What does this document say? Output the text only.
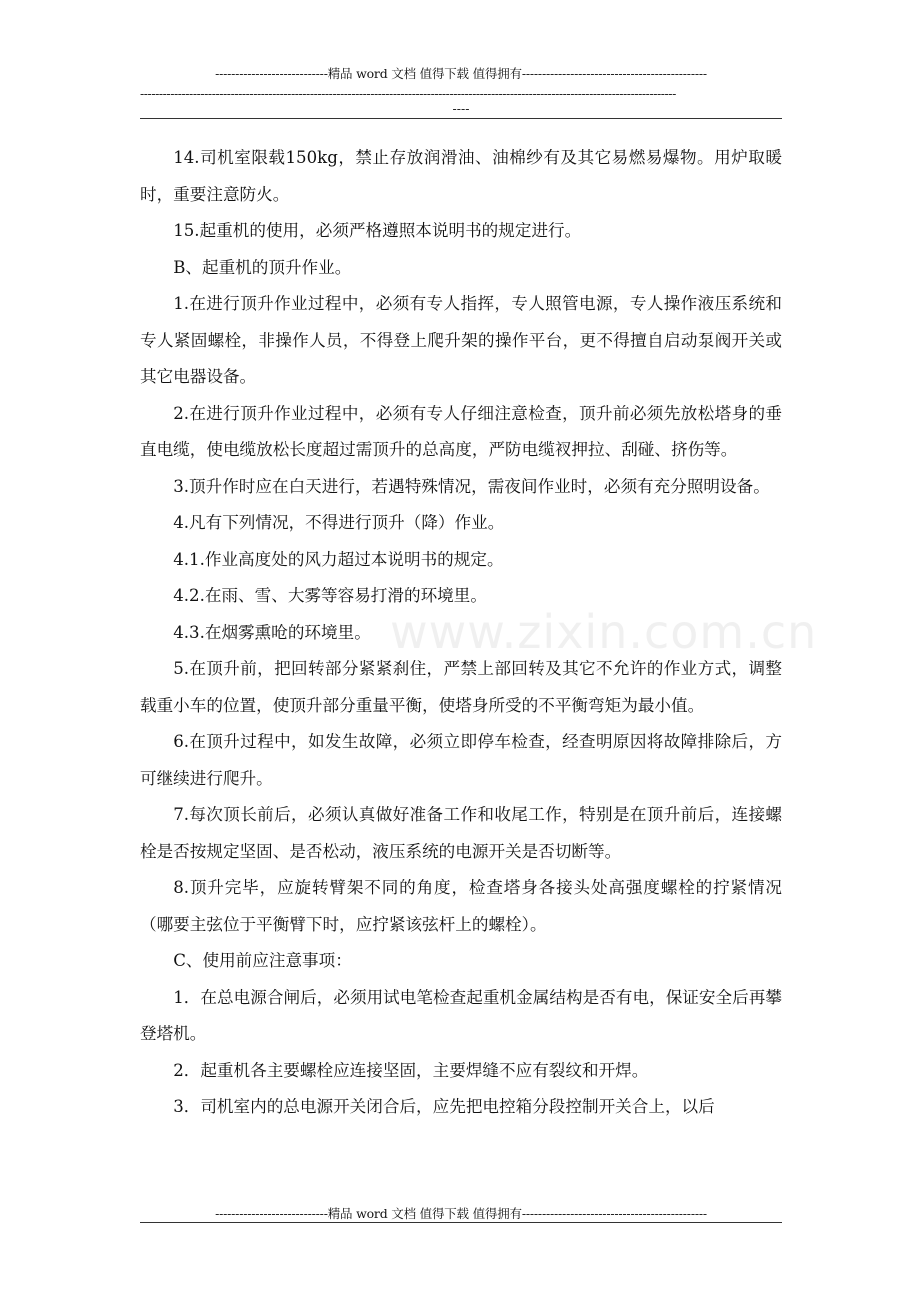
----------------------------精品 word 文档 值得下载 值得拥有----------------------------------------------
----------------------------------------------------------------------------------------------------------------------------------------------
----
www.zixin.com.cn

14.司机室限载150kg，禁止存放润滑油、油棉纱有及其它易燃易爆物。用炉取暖时，重要注意防火。

15.起重机的使用，必须严格遵照本说明书的规定进行。

B、起重机的顶升作业。

1.在进行顶升作业过程中，必须有专人指挥，专人照管电源，专人操作液压系统和专人紧固螺栓，非操作人员，不得登上爬升架的操作平台，更不得擅自启动泵阀开关或其它电器设备。

2.在进行顶升作业过程中，必须有专人仔细注意检查，顶升前必须先放松塔身的垂直电缆，使电缆放松长度超过需顶升的总高度，严防电缆衩押拉、刮碰、挤伤等。

3.顶升作时应在白天进行，若遇特殊情况，需夜间作业时，必须有充分照明设备。

4.凡有下列情况，不得进行顶升（降）作业。

4.1.作业高度处的风力超过本说明书的规定。

4.2.在雨、雪、大雾等容易打滑的环境里。

4.3.在烟雾熏呛的环境里。

5.在顶升前，把回转部分紧紧刹住，严禁上部回转及其它不允许的作业方式，调整载重小车的位置，使顶升部分重量平衡，使塔身所受的不平衡弯矩为最小值。

6.在顶升过程中，如发生故障，必须立即停车检查，经查明原因将故障排除后，方可继续进行爬升。

7.每次顶长前后，必须认真做好准备工作和收尾工作，特别是在顶升前后，连接螺栓是否按规定坚固、是否松动，液压系统的电源开关是否切断等。

8.顶升完毕，应旋转臂架不同的角度，检查塔身各接头处高强度螺栓的拧紧情况（哪要主弦位于平衡臂下时，应拧紧该弦杆上的螺栓）。

C、使用前应注意事项：

1．在总电源合闸后，必须用试电笔检查起重机金属结构是否有电，保证安全后再攀登塔机。

2．起重机各主要螺栓应连接坚固，主要焊缝不应有裂纹和开焊。

3．司机室内的总电源开关闭合后，应先把电控箱分段控制开关合上，以后

----------------------------精品 word 文档 值得下载 值得拥有----------------------------------------------
